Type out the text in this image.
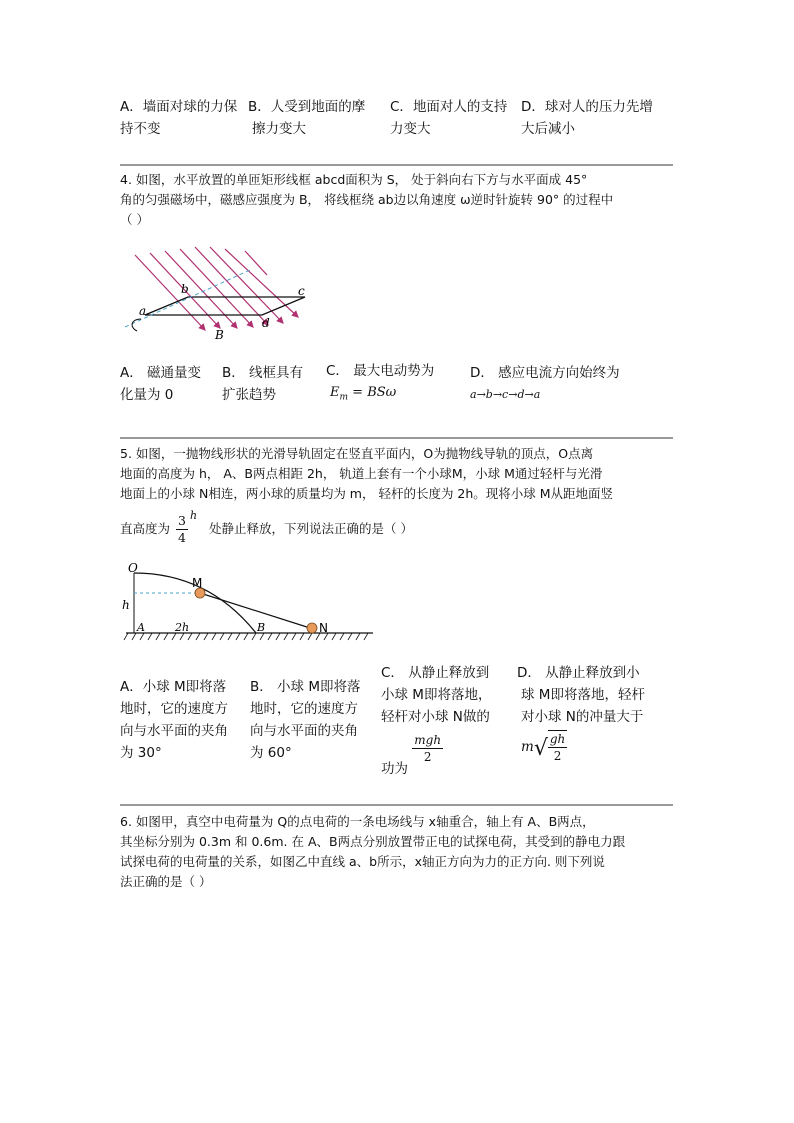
A．墙面对球的力保
持不变
B．人受到地面的摩
擦力变大
C．地面对人的支持
力变大
D．球对人的压力先增
大后减小
4. 如图，水平放置的单匝矩形线框 abcd面积为 S， 处于斜向右下方与水平面成 45°
角的匀强磁场中，磁感应强度为 B， 将线框绕 ab边以角速度 ω逆时针旋转 90° 的过程中
（ ）
a
b	c
d
B
A． 磁通量变
化量为 0
B． 线框具有
扩张趋势
C． 最大电动势为
$E_m = BS\omega$
D． 感应电流方向始终为
a→b→c→d→a
5. 如图，一抛物线形状的光滑导轨固定在竖直平面内，O为抛物线导轨的顶点，O点离
地面的高度为 h， A、B两点相距 2h， 轨道上套有一个小球M，小球 M通过轻杆与光滑
地面上的小球 N相连，两小球的质量均为 m， 轻杆的长度为 2h。现将小球 M从距地面竖
直高度为 $\frac{3}{4}$ h 处静止释放，下列说法正确的是（ ）
O
M
h
A	2h	B	N
A．小球 M即将落
地时，它的速度方
向与水平面的夹角
为 30°
B． 小球 M即将落
地时，它的速度方
向与水平面的夹角
为 60°
C． 从静止释放到
小球 M即将落地，
轻杆对小球 N做的
功为
$\frac{\text{mgh}}{2}$
D． 从静止释放到小
球 M即将落地，轻杆
对小球 N的冲量大于
$m√ \frac{gh}{2}$
6. 如图甲，真空中电荷量为 Q的点电荷的一条电场线与 x轴重合，轴上有 A、B两点，
其坐标分别为 0.3m 和 0.6m. 在 A、B两点分别放置带正电的试探电荷，其受到的静电力跟
试探电荷的电荷量的关系，如图乙中直线 a、b所示，x轴正方向为力的正方向. 则下列说
法正确的是（ ）
